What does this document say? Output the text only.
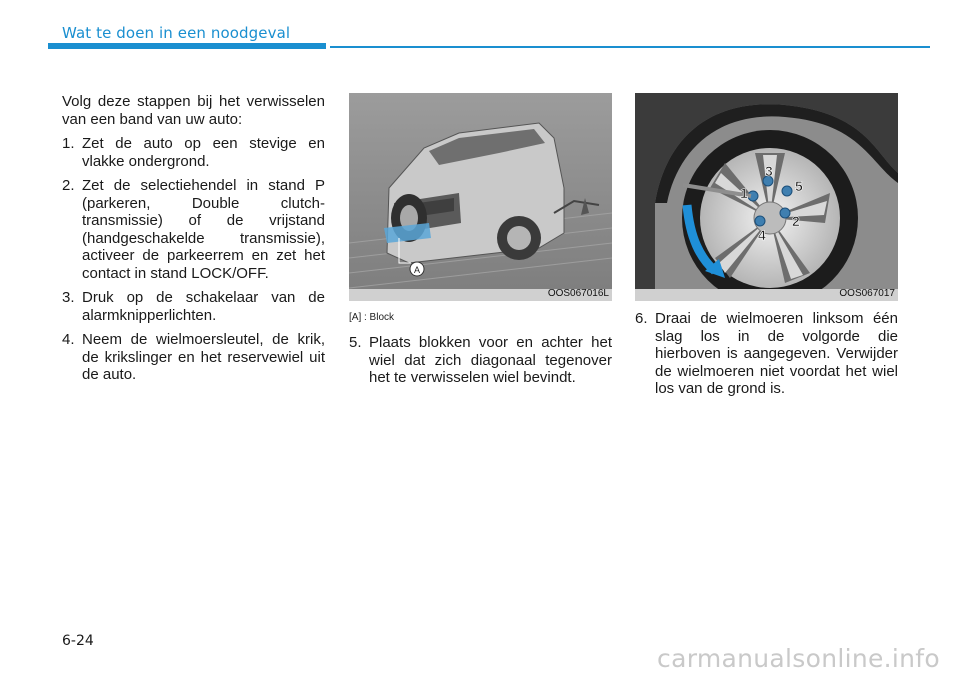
Wat te doen in een noodgeval

Volg deze stappen bij het verwisselen van een band van uw auto:

1. Zet de auto op een stevige en vlakke ondergrond.
2. Zet de selectiehendel in stand P (parkeren, Double clutch-transmissie) of de vrijstand (handgeschakelde transmissie), activeer de parkeerrem en zet het contact in stand LOCK/OFF.
3. Druk op de schakelaar van de alarmknipperlichten.
4. Neem de wielmoersleutel, de krik, de krikslinger en het reservewiel uit de auto.
A
OOS067016L
[A] : Block
5. Plaats blokken voor en achter het wiel dat zich diagonaal tegenover het te verwisselen wiel bevindt.
1
2
3
4
5
OOS067017
6. Draai de wielmoeren linksom één slag los in de volgorde die hierboven is aangegeven. Verwijder de wielmoeren niet voordat het wiel los van de grond is.
6-24
carmanualsonline.info
